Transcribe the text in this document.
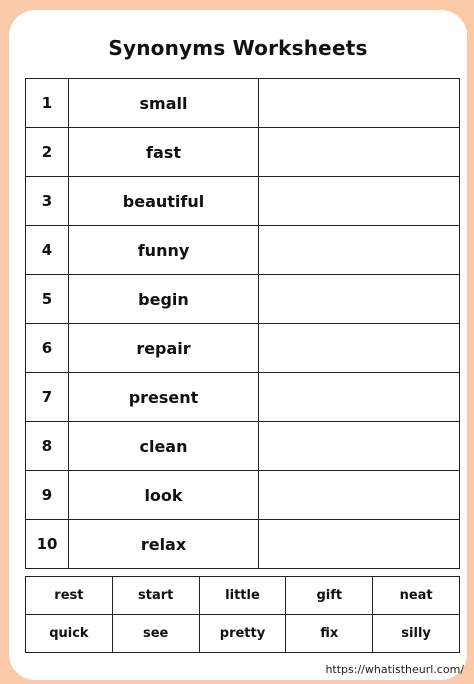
Synonyms Worksheets
1	small	
2	fast	
3	beautiful	
4	funny	
5	begin	
6	repair	
7	present	
8	clean	
9	look	
10	relax	
rest	start	little	gift	neat
quick	see	pretty	fix	silly
https://whatistheurl.com/
